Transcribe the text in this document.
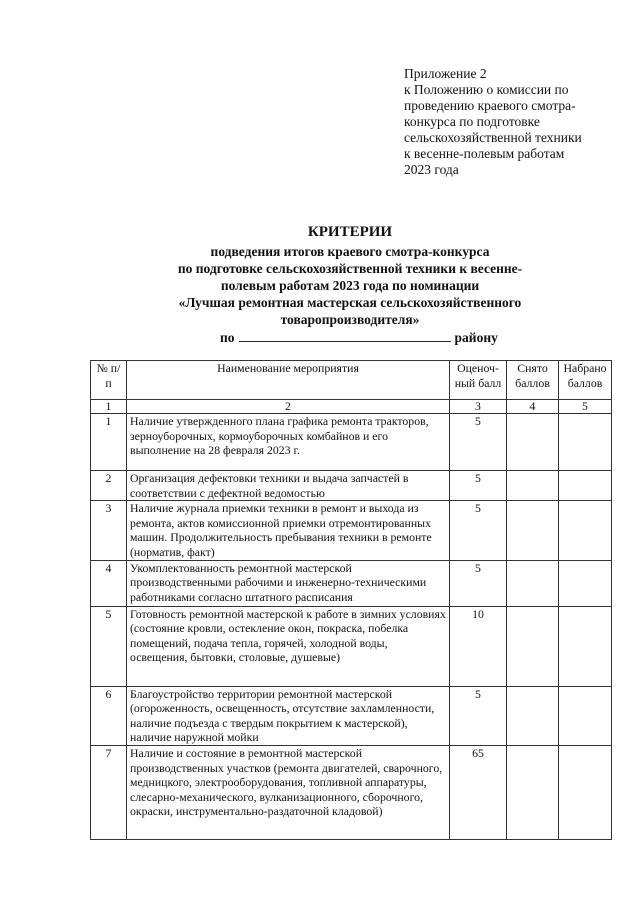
Приложение 2
к Положению о комиссии по
проведению краевого смотра-
конкурса по подготовке
сельскохозяйственной техники
к весенне-полевым работам
2023 года
КРИТЕРИИ
подведения итогов краевого смотра-конкурса
по подготовке сельскохозяйственной техники к весенне-
полевым работам 2023 года по номинации
«Лучшая ремонтная мастерская сельскохозяйственного
товаропроизводителя»
по	району
№ п/п	Наименование мероприятия	Оценоч-ный балл	Снято баллов	Набрано баллов
1	2	3	4	5
1	Наличие утвержденного плана графика ремонта тракторов, зерноуборочных, кормоуборочных комбайнов и его выполнение на 28 февраля 2023 г.	5		
2	Организация дефектовки техники и выдача запчастей в соответствии с дефектной ведомостью	5		
3	Наличие журнала приемки техники в ремонт и выхода из ремонта, актов комиссионной приемки отремонтированных машин. Продолжительность пребывания техники в ремонте (норматив, факт)	5		
4	Укомплектованность ремонтной мастерской производственными рабочими и инженерно-техническими работниками согласно штатного расписания	5		
5	Готовность ремонтной мастерской к работе в зимних условиях (состояние кровли, остекление окон, покраска, побелка помещений, подача тепла, горячей, холодной воды, освещения, бытовки, столовые, душевые)	10		
6	Благоустройство территории ремонтной мастерской (огороженность, освещенность, отсутствие захламленности, наличие подъезда с твердым покрытием к мастерской), наличие наружной мойки	5		
7	Наличие и состояние в ремонтной мастерской производственных участков (ремонта двигателей, сварочного, медницкого, электрооборудования, топливной аппаратуры, слесарно-механического, вулканизационного, сборочного, окраски, инструментально-раздаточной кладовой)	65		
